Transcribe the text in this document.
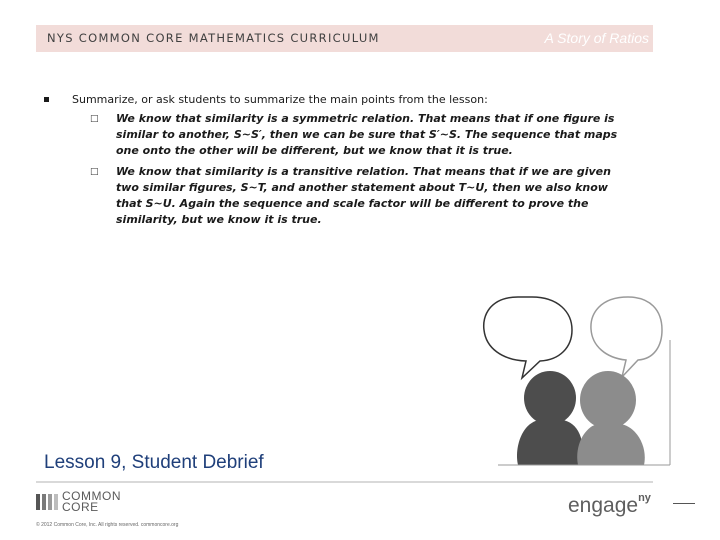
NYS COMMON CORE MATHEMATICS CURRICULUM	A Story of Ratios
Summarize, or ask students to summarize the main points from the lesson:
□ We know that similarity is a symmetric relation. That means that if one figure is similar to another, S~S′, then we can be sure that S′~S. The sequence that maps one onto the other will be different, but we know that it is true.
□ We know that similarity is a transitive relation. That means that if we are given two similar figures, S~T, and another statement about T~U, then we also know that S~U. Again the sequence and scale factor will be different to prove the similarity, but we know it is true.
Lesson 9, Student Debrief
COMMON
CORE
© 2012 Common Core, Inc. All rights reserved. commoncore.org
engage$^{ny}$
